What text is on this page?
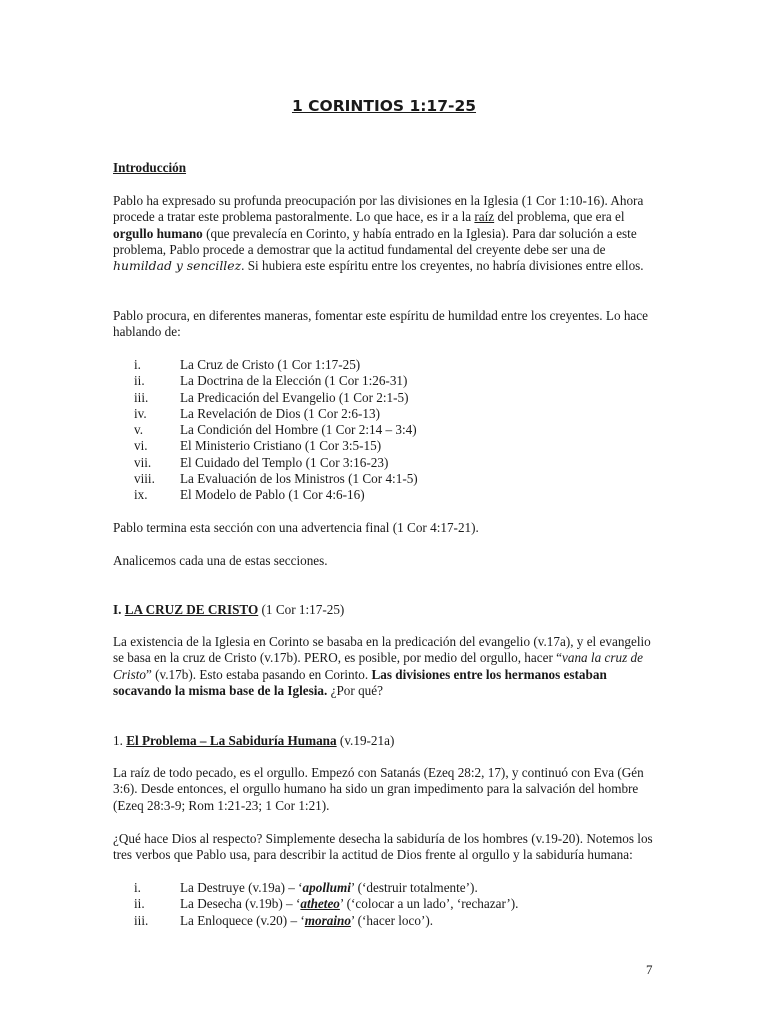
1 CORINTIOS 1:17-25
Introducción

Pablo ha expresado su profunda preocupación por las divisiones en la Iglesia (1 Cor 1:10-16). Ahora procede a tratar este problema pastoralmente. Lo que hace, es ir a la raíz del problema, que era el orgullo humano (que prevalecía en Corinto, y había entrado en la Iglesia). Para dar solución a este problema, Pablo procede a demostrar que la actitud fundamental del creyente debe ser una de humildad y sencillez. Si hubiera este espíritu entre los creyentes, no habría divisiones entre ellos.

Pablo procura, en diferentes maneras, fomentar este espíritu de humildad entre los creyentes. Lo hace hablando de:

i.	La Cruz de Cristo (1 Cor 1:17-25)
ii.	La Doctrina de la Elección (1 Cor 1:26-31)
iii. La Predicación del Evangelio (1 Cor 2:1-5)
iv.	La Revelación de Dios (1 Cor 2:6-13)
v.	La Condición del Hombre (1 Cor 2:14 – 3:4)
vi. El Ministerio Cristiano (1 Cor 3:5-15)
vii. El Cuidado del Templo (1 Cor 3:16-23)
viii. La Evaluación de los Ministros (1 Cor 4:1-5)
ix. El Modelo de Pablo (1 Cor 4:6-16)

Pablo termina esta sección con una advertencia final (1 Cor 4:17-21).

Analicemos cada una de estas secciones.

I. LA CRUZ DE CRISTO (1 Cor 1:17-25)

La existencia de la Iglesia en Corinto se basaba en la predicación del evangelio (v.17a), y el evangelio se basa en la cruz de Cristo (v.17b). PERO, es posible, por medio del orgullo, hacer “vana la cruz de Cristo” (v.17b). Esto estaba pasando en Corinto. Las divisiones entre los hermanos estaban socavando la misma base de la Iglesia. ¿Por qué?

1. El Problema – La Sabiduría Humana (v.19-21a)

La raíz de todo pecado, es el orgullo. Empezó con Satanás (Ezeq 28:2, 17), y continuó con Eva (Gén 3:6). Desde entonces, el orgullo humano ha sido un gran impedimento para la salvación del hombre (Ezeq 28:3-9; Rom 1:21-23; 1 Cor 1:21).

¿Qué hace Dios al respecto? Simplemente desecha la sabiduría de los hombres (v.19-20). Notemos los tres verbos que Pablo usa, para describir la actitud de Dios frente al orgullo y la sabiduría humana:

i.	La Destruye (v.19a) – ‘apollumi’ (‘destruir totalmente’).
ii.	La Desecha (v.19b) – ‘atheteo’ (‘colocar a un lado’, ‘rechazar’).
iii. La Enloquece (v.20) – ‘moraino’ (‘hacer loco’).
7
